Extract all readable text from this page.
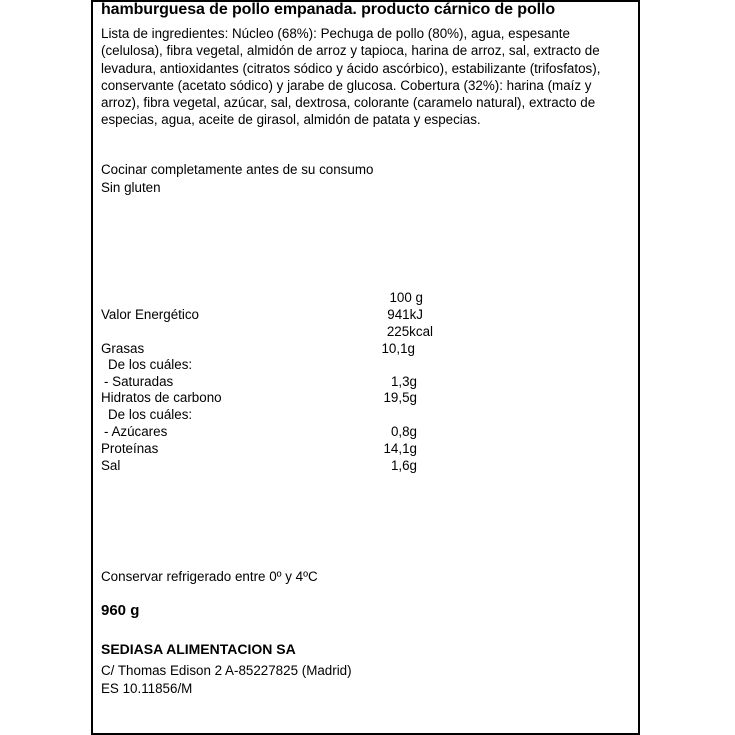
hamburguesa de pollo empanada. producto cárnico de pollo

Lista de ingredientes: Núcleo (68%): Pechuga de pollo (80%), agua, espesante (celulosa), fibra vegetal, almidón de arroz y tapioca, harina de arroz, sal, extracto de levadura, antioxidantes (citratos sódico y ácido ascórbico), estabilizante (trifosfatos), conservante (acetato sódico) y jarabe de glucosa. Cobertura (32%): harina (maíz y arroz), fibra vegetal, azúcar, sal, dextrosa, colorante (caramelo natural), extracto de especias, agua, aceite de girasol, almidón de patata y especias.

Cocinar completamente antes de su consumo
Sin gluten
100 g
Valor Energético	941kJ
225kcal
Grasas	10,1g
De los cuáles:
- Saturadas	1,3g
Hidratos de carbono	19,5g
De los cuáles:
- Azúcares	0,8g
Proteínas	14,1g
Sal	1,6g
Conservar refrigerado entre 0º y 4ºC
960 g
SEDIASA ALIMENTACION SA
C/ Thomas Edison 2 A-85227825 (Madrid)
ES 10.11856/M
